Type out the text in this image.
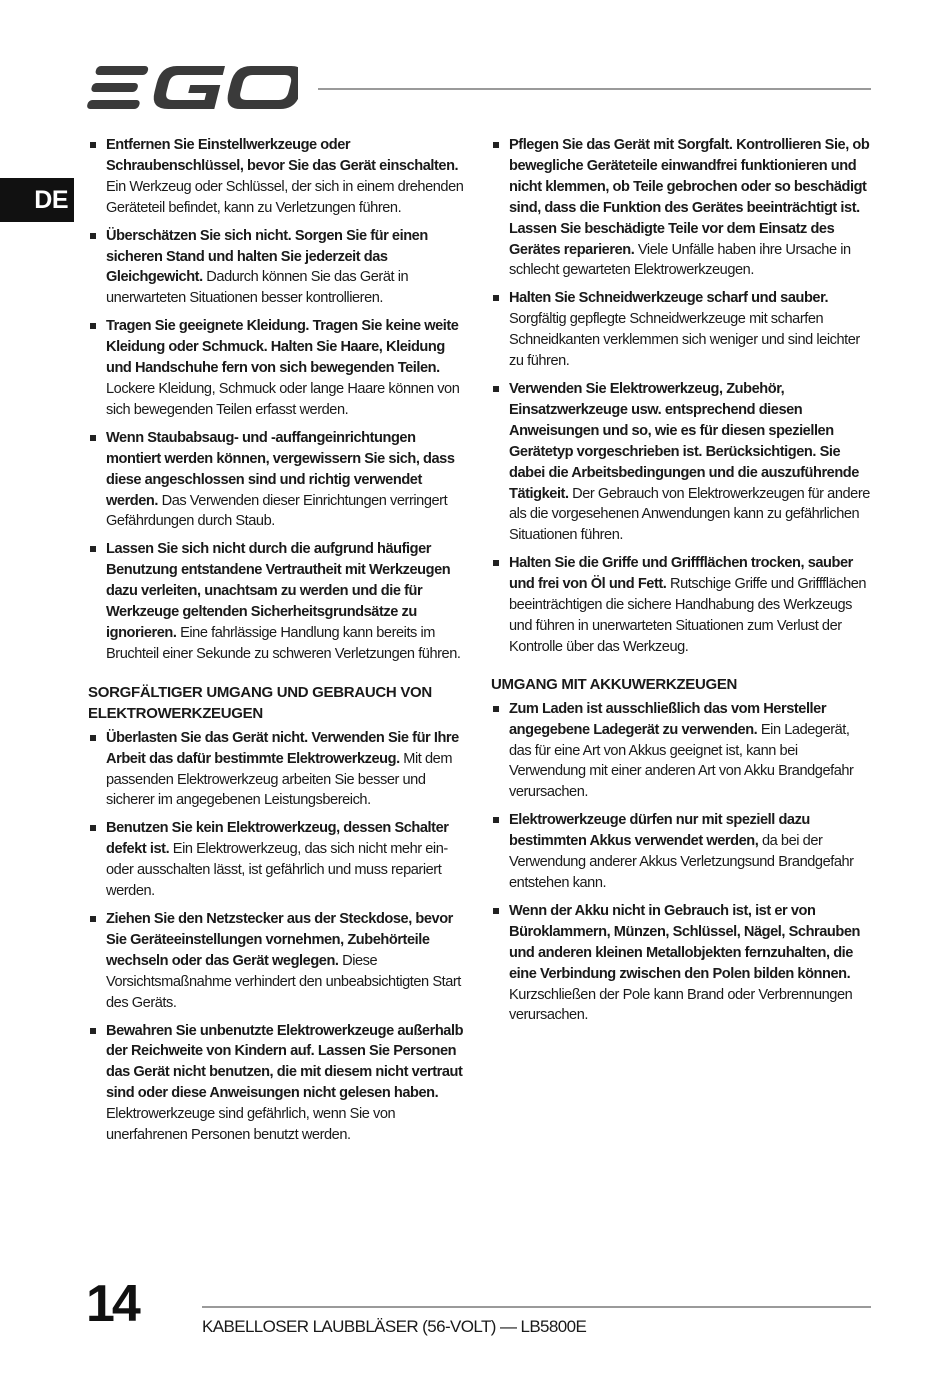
DE
Entfernen Sie Einstellwerkzeuge oder Schraubenschlüssel, bevor Sie das Gerät einschalten. Ein Werkzeug oder Schlüssel, der sich in einem drehenden Geräteteil befindet, kann zu Verletzungen führen.
Überschätzen Sie sich nicht. Sorgen Sie für einen sicheren Stand und halten Sie jederzeit das Gleichgewicht. Dadurch können Sie das Gerät in unerwarteten Situationen besser kontrollieren.
Tragen Sie geeignete Kleidung. Tragen Sie keine weite Kleidung oder Schmuck. Halten Sie Haare, Kleidung und Handschuhe fern von sich bewegenden Teilen. Lockere Kleidung, Schmuck oder lange Haare können von sich bewegenden Teilen erfasst werden.
Wenn Staubabsaug- und -auffangeinrichtungen montiert werden können, vergewissern Sie sich, dass diese angeschlossen sind und richtig verwendet werden. Das Verwenden dieser Einrichtungen verringert Gefährdungen durch Staub.
Lassen Sie sich nicht durch die aufgrund häufiger Benutzung entstandene Vertrautheit mit Werkzeugen dazu verleiten, unachtsam zu werden und die für Werkzeuge geltenden Sicherheitsgrundsätze zu ignorieren. Eine fahrlässige Handlung kann bereits im Bruchteil einer Sekunde zu schweren Verletzungen führen.
SORGFÄLTIGER UMGANG UND GEBRAUCH VON ELEKTROWERKZEUGEN
Überlasten Sie das Gerät nicht. Verwenden Sie für Ihre Arbeit das dafür bestimmte Elektrowerkzeug. Mit dem passenden Elektrowerkzeug arbeiten Sie besser und sicherer im angegebenen Leistungsbereich.
Benutzen Sie kein Elektrowerkzeug, dessen Schalter defekt ist. Ein Elektrowerkzeug, das sich nicht mehr ein- oder ausschalten lässt, ist gefährlich und muss repariert werden.
Ziehen Sie den Netzstecker aus der Steckdose, bevor Sie Geräteeinstellungen vornehmen, Zubehörteile wechseln oder das Gerät weglegen. Diese Vorsichtsmaßnahme verhindert den unbeabsichtigten Start des Geräts.
Bewahren Sie unbenutzte Elektrowerkzeuge außerhalb der Reichweite von Kindern auf. Lassen Sie Personen das Gerät nicht benutzen, die mit diesem nicht vertraut sind oder diese Anweisungen nicht gelesen haben. Elektrowerkzeuge sind gefährlich, wenn Sie von unerfahrenen Personen benutzt werden.
Pflegen Sie das Gerät mit Sorgfalt. Kontrollieren Sie, ob bewegliche Geräteteile einwandfrei funktionieren und nicht klemmen, ob Teile gebrochen oder so beschädigt sind, dass die Funktion des Gerätes beeinträchtigt ist. Lassen Sie beschädigte Teile vor dem Einsatz des Gerätes reparieren. Viele Unfälle haben ihre Ursache in schlecht gewarteten Elektrowerkzeugen.
Halten Sie Schneidwerkzeuge scharf und sauber. Sorgfältig gepflegte Schneidwerkzeuge mit scharfen Schneidkanten verklemmen sich weniger und sind leichter zu führen.
Verwenden Sie Elektrowerkzeug, Zubehör, Einsatzwerkzeuge usw. entsprechend diesen Anweisungen und so, wie es für diesen speziellen Gerätetyp vorgeschrieben ist. Berücksichtigen. Sie dabei die Arbeitsbedingungen und die auszuführende Tätigkeit. Der Gebrauch von Elektrowerkzeugen für andere als die vorgesehenen Anwendungen kann zu gefährlichen Situationen führen.
Halten Sie die Griffe und Griffflächen trocken, sauber und frei von Öl und Fett. Rutschige Griffe und Griffflächen beeinträchtigen die sichere Handhabung des Werkzeugs und führen in unerwarteten Situationen zum Verlust der Kontrolle über das Werkzeug.
UMGANG MIT AKKUWERKZEUGEN
Zum Laden ist ausschließlich das vom Hersteller angegebene Ladegerät zu verwenden. Ein Ladegerät, das für eine Art von Akkus geeignet ist, kann bei Verwendung mit einer anderen Art von Akku Brandgefahr verursachen.
Elektrowerkzeuge dürfen nur mit speziell dazu bestimmten Akkus verwendet werden, da bei der Verwendung anderer Akkus Verletzungsund Brandgefahr entstehen kann.
Wenn der Akku nicht in Gebrauch ist, ist er von Büroklammern, Münzen, Schlüssel, Nägel, Schrauben und anderen kleinen Metallobjekten fernzuhalten, die eine Verbindung zwischen den Polen bilden können. Kurzschließen der Pole kann Brand oder Verbrennungen verursachen.
14	KABELLOSER LAUBBLÄSER (56-VOLT) — LB5800E
